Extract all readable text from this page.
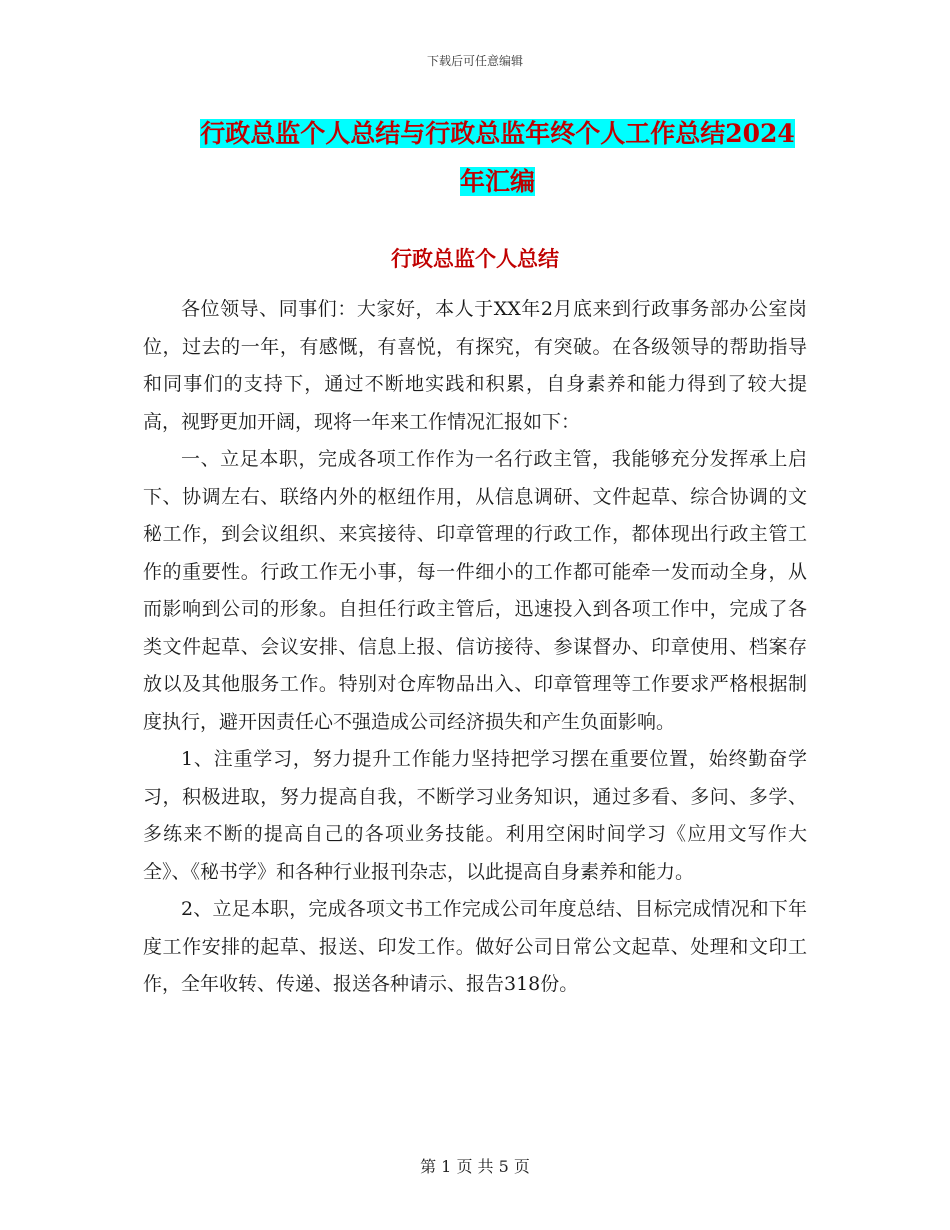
下载后可任意编辑
行政总监个人总结与行政总监年终个人工作总结2024年汇编
行政总监个人总结

各位领导、同事们：大家好，本人于XX年2月底来到行政事务部办公室岗位，过去的一年，有感慨，有喜悦，有探究，有突破。在各级领导的帮助指导和同事们的支持下，通过不断地实践和积累，自身素养和能力得到了较大提高，视野更加开阔，现将一年来工作情况汇报如下：

一、立足本职，完成各项工作作为一名行政主管，我能够充分发挥承上启下、协调左右、联络内外的枢纽作用，从信息调研、文件起草、综合协调的文秘工作，到会议组织、来宾接待、印章管理的行政工作，都体现出行政主管工作的重要性。行政工作无小事，每一件细小的工作都可能牵一发而动全身，从而影响到公司的形象。自担任行政主管后，迅速投入到各项工作中，完成了各类文件起草、会议安排、信息上报、信访接待、参谋督办、印章使用、档案存放以及其他服务工作。特别对仓库物品出入、印章管理等工作要求严格根据制度执行，避开因责任心不强造成公司经济损失和产生负面影响。

1、注重学习，努力提升工作能力坚持把学习摆在重要位置，始终勤奋学习，积极进取，努力提高自我，不断学习业务知识，通过多看、多问、多学、多练来不断的提高自己的各项业务技能。利用空闲时间学习《应用文写作大全》、《秘书学》和各种行业报刊杂志，以此提高自身素养和能力。

2、立足本职，完成各项文书工作完成公司年度总结、目标完成情况和下年度工作安排的起草、报送、印发工作。做好公司日常公文起草、处理和文印工作，全年收转、传递、报送各种请示、报告318份。

第 1 页 共 5 页
